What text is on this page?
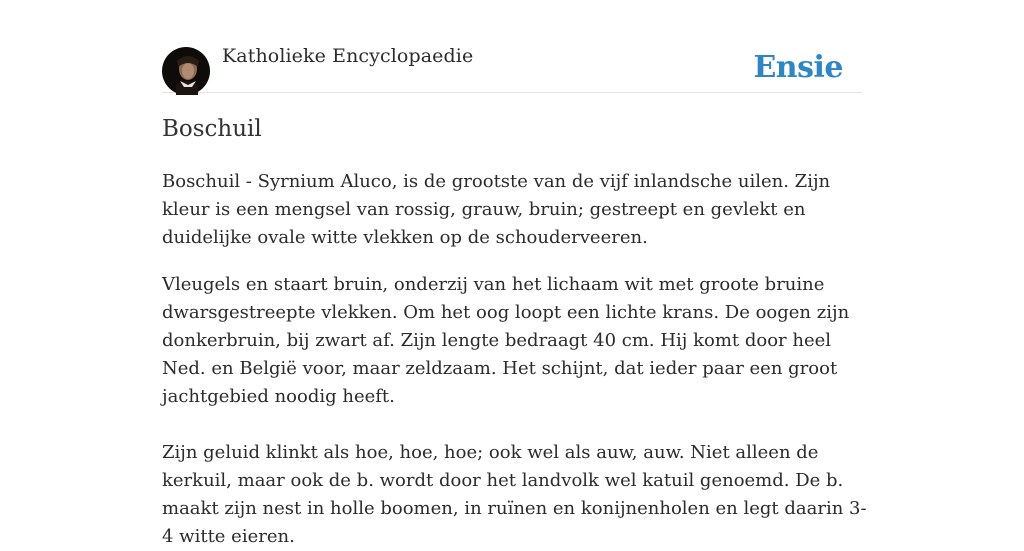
Katholieke Encyclopaedie	Ensie
Boschuil

Boschuil - Syrnium Aluco, is de grootste van de vijf inlandsche uilen. Zijn kleur is een mengsel van rossig, grauw, bruin; gestreept en gevlekt en duidelijke ovale witte vlekken op de schouderveeren.

Vleugels en staart bruin, onderzij van het lichaam wit met groote bruine dwarsgestreepte vlekken. Om het oog loopt een lichte krans. De oogen zijn donkerbruin, bij zwart af. Zijn lengte bedraagt 40 cm. Hij komt door heel Ned. en België voor, maar zeldzaam. Het schijnt, dat ieder paar een groot jachtgebied noodig heeft.

Zijn geluid klinkt als hoe, hoe, hoe; ook wel als auw, auw. Niet alleen de kerkuil, maar ook de b. wordt door het landvolk wel katuil genoemd. De b. maakt zijn nest in holle boomen, in ruïnen en konijnenholen en legt daarin 3-4 witte eieren.
